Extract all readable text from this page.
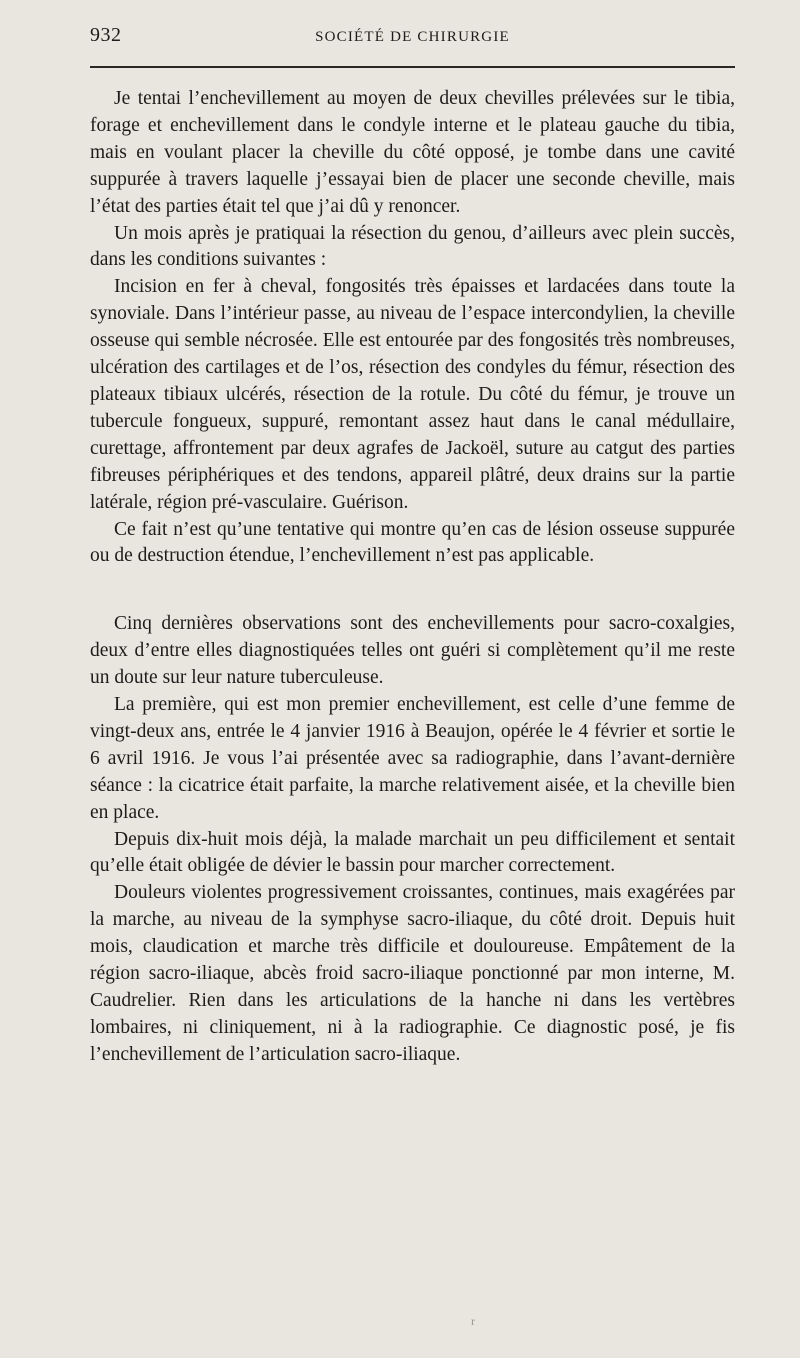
932	SOCIÉTÉ DE CHIRURGIE

Je tentai l’enchevillement au moyen de deux chevilles prélevées sur le tibia, forage et enchevillement dans le condyle interne et le plateau gauche du tibia, mais en voulant placer la cheville du côté opposé, je tombe dans une cavité suppurée à travers laquelle j’essayai bien de placer une seconde cheville, mais l’état des parties était tel que j’ai dû y renoncer.

Un mois après je pratiquai la résection du genou, d’ailleurs avec plein succès, dans les conditions suivantes :

Incision en fer à cheval, fongosités très épaisses et lardacées dans toute la synoviale. Dans l’intérieur passe, au niveau de l’espace intercondylien, la cheville osseuse qui semble nécrosée. Elle est entourée par des fongosités très nombreuses, ulcération des cartilages et de l’os, résection des condyles du fémur, résection des plateaux tibiaux ulcérés, résection de la rotule. Du côté du fémur, je trouve un tubercule fongueux, suppuré, remontant assez haut dans le canal médullaire, curettage, affrontement par deux agrafes de Jackoël, suture au catgut des parties fibreuses périphériques et des tendons, appareil plâtré, deux drains sur la partie latérale, région pré-vasculaire. Guérison.

Ce fait n’est qu’une tentative qui montre qu’en cas de lésion osseuse suppurée ou de destruction étendue, l’enchevillement n’est pas applicable.

Cinq dernières observations sont des enchevillements pour sacro-coxalgies, deux d’entre elles diagnostiquées telles ont guéri si complètement qu’il me reste un doute sur leur nature tuberculeuse.

La première, qui est mon premier enchevillement, est celle d’une femme de vingt-deux ans, entrée le 4 janvier 1916 à Beaujon, opérée le 4 février et sortie le 6 avril 1916. Je vous l’ai présentée avec sa radiographie, dans l’avant-dernière séance : la cicatrice était parfaite, la marche relativement aisée, et la cheville bien en place.

Depuis dix-huit mois déjà, la malade marchait un peu difficilement et sentait qu’elle était obligée de dévier le bassin pour marcher correctement.

Douleurs violentes progressivement croissantes, continues, mais exagérées par la marche, au niveau de la symphyse sacro-iliaque, du côté droit. Depuis huit mois, claudication et marche très difficile et douloureuse. Empâtement de la région sacro-iliaque, abcès froid sacro-iliaque ponctionné par mon interne, M. Caudrelier. Rien dans les articulations de la hanche ni dans les vertèbres lombaires, ni cliniquement, ni à la radiographie. Ce diagnostic posé, je fis l’enchevillement de l’articulation sacro-iliaque.

r
